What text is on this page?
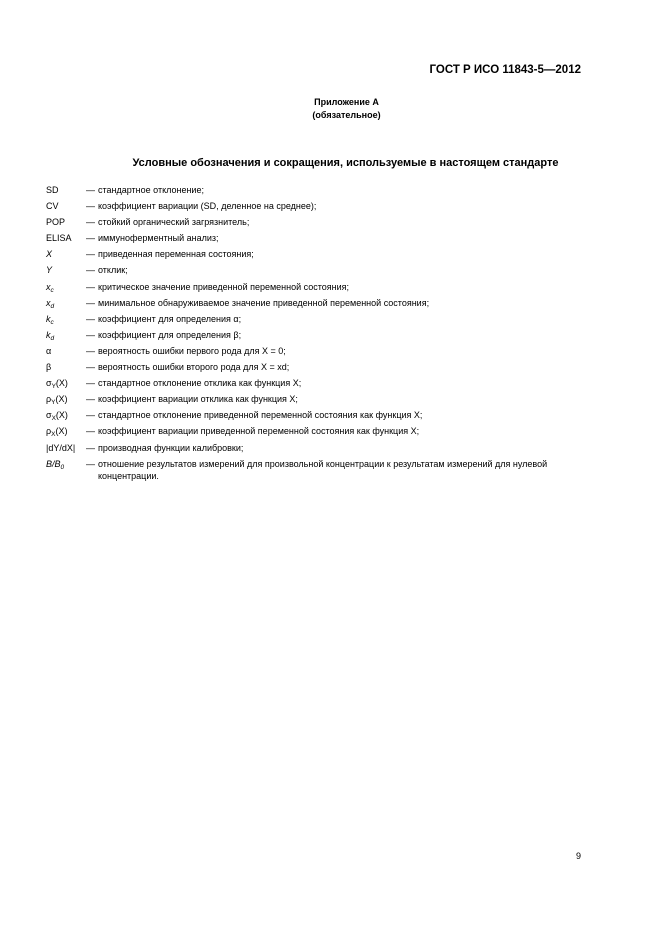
ГОСТ Р ИСО 11843-5—2012
Приложение А
(обязательное)
Условные обозначения и сокращения, используемые в настоящем стандарте
SD	— стандартное отклонение;
CV	— коэффициент вариации (SD, деленное на среднее);
POP	— стойкий органический загрязнитель;
ELISA	— иммуноферментный анализ;
X	— приведенная переменная состояния;
Y	— отклик;
$x_c$	— критическое значение приведенной переменной состояния;
$x_d$	— минимальное обнаруживаемое значение приведенной переменной состояния;
$k_c$	— коэффициент для определения α;
$k_d$	— коэффициент для определения β;
α	— вероятность ошибки первого рода для X = 0;
β	— вероятность ошибки второго рода для X = xd;
$\sigma_Y(X)$	— стандартное отклонение отклика как функция X;
$\rho_Y(X)$	— коэффициент вариации отклика как функция X;
$\sigma_X(X)$	— стандартное отклонение приведенной переменной состояния как функция X;
$\rho_X(X)$	— коэффициент вариации приведенной переменной состояния как функция X;
|dY/dX|	— производная функции калибровки;
$B/B_0$	— отношение результатов измерений для произвольной концентрации к результатам измерений для нулевой концентрации.
9
